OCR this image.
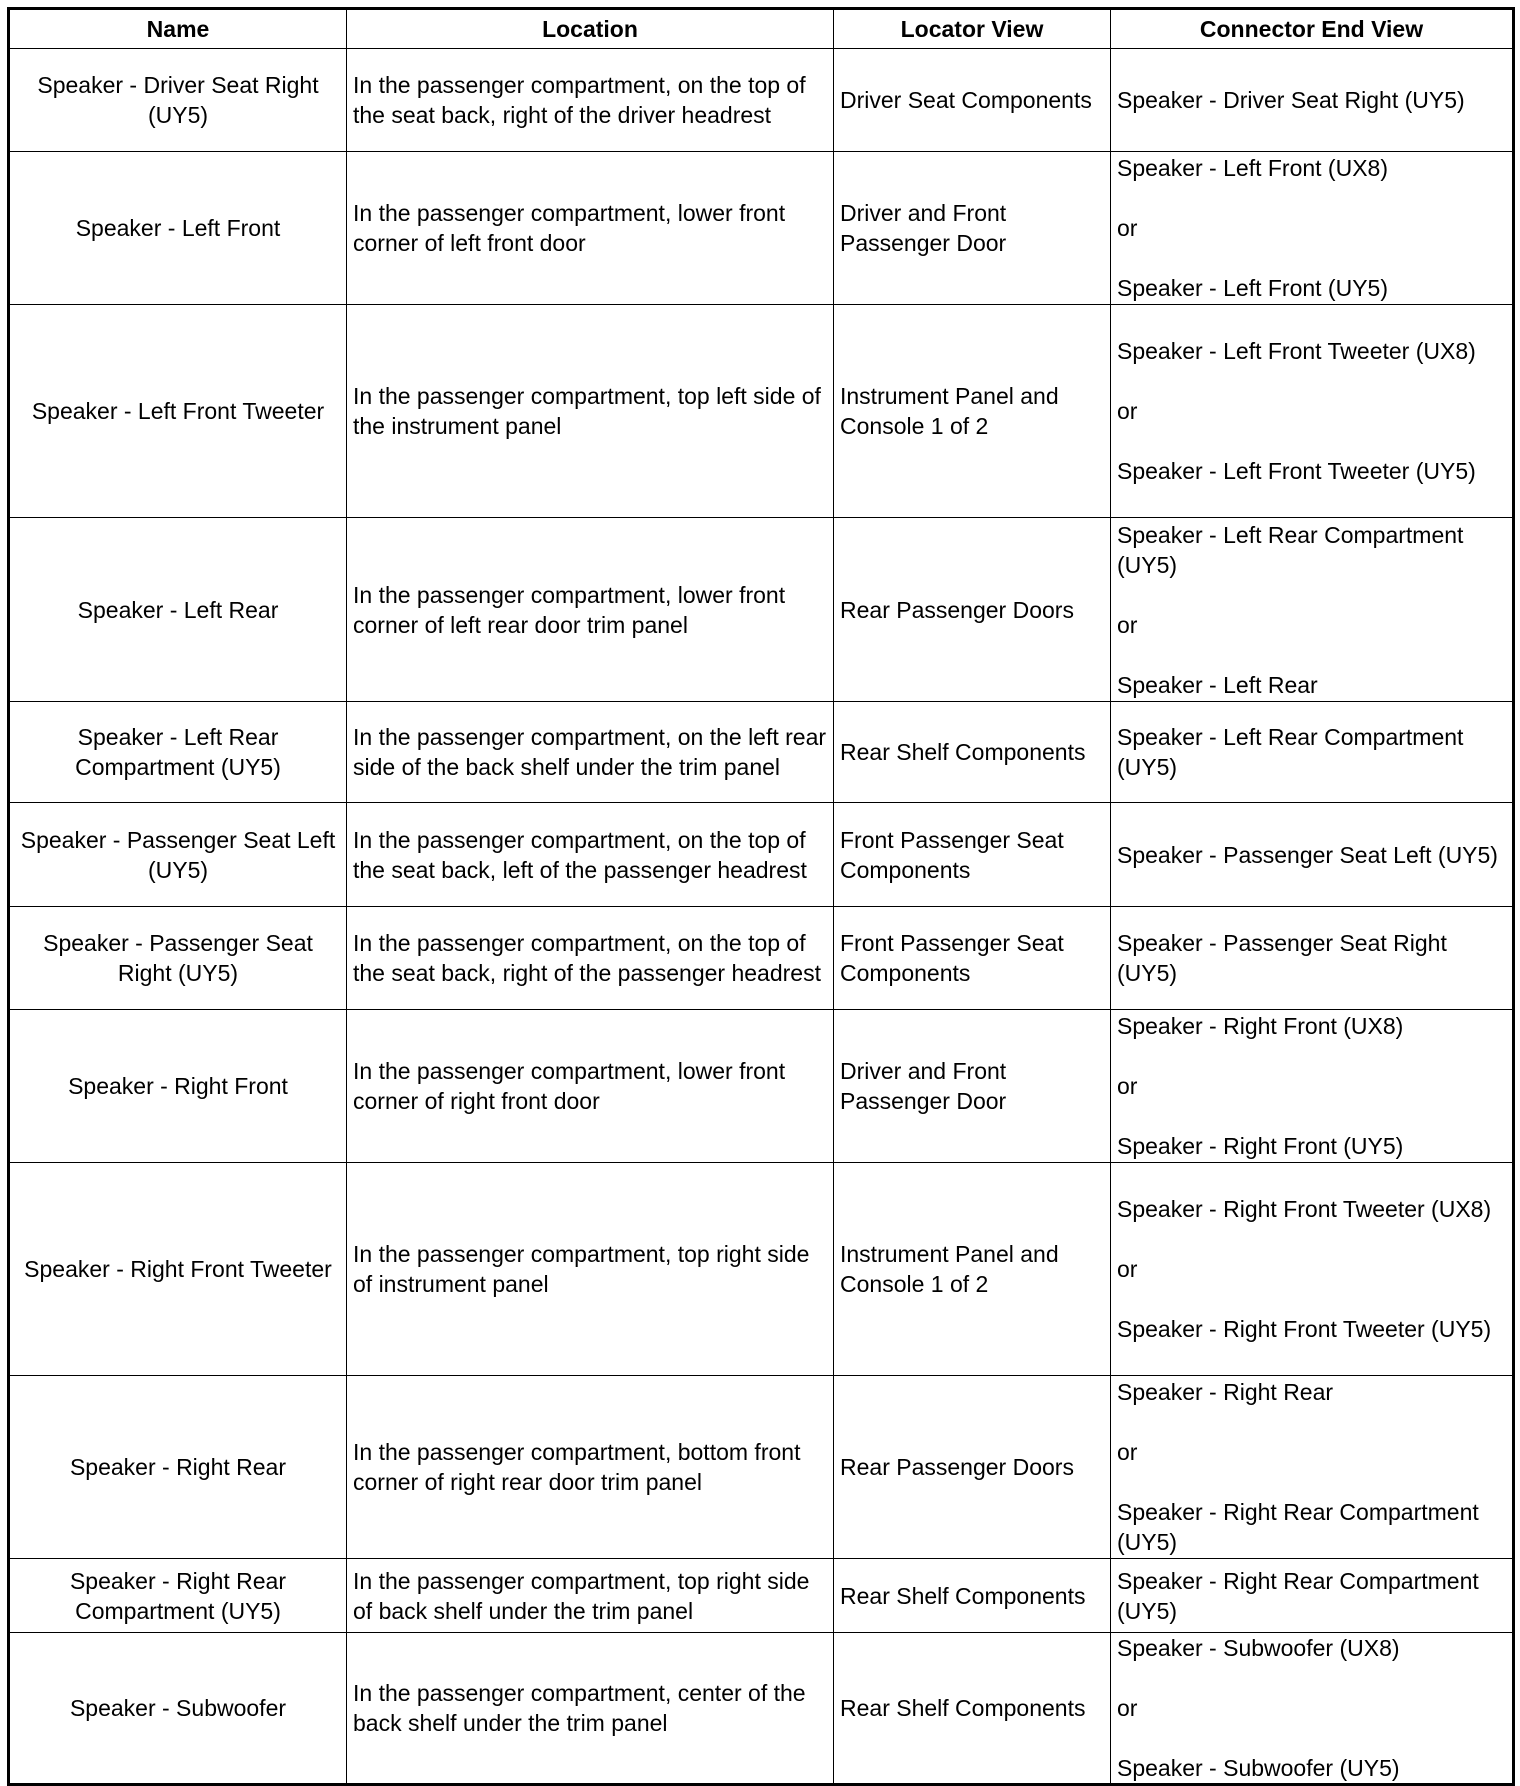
Name	Location	Locator View	Connector End View
Speaker - Driver Seat Right (UY5)	In the passenger compartment, on the top of the seat back, right of the driver headrest	Driver Seat Components	Speaker - Driver Seat Right (UY5)
Speaker - Left Front	In the passenger compartment, lower front corner of left front door	Driver and Front Passenger Door	Speaker - Left Front (UX8)

or

Speaker - Left Front (UY5)
Speaker - Left Front Tweeter	In the passenger compartment, top left side of the instrument panel	Instrument Panel and Console 1 of 2	Speaker - Left Front Tweeter (UX8)

or

Speaker - Left Front Tweeter (UY5)
Speaker - Left Rear	In the passenger compartment, lower front corner of left rear door trim panel	Rear Passenger Doors	Speaker - Left Rear Compartment (UY5)

or

Speaker - Left Rear
Speaker - Left Rear Compartment (UY5)	In the passenger compartment, on the left rear side of the back shelf under the trim panel	Rear Shelf Components	Speaker - Left Rear Compartment (UY5)
Speaker - Passenger Seat Left (UY5)	In the passenger compartment, on the top of the seat back, left of the passenger headrest	Front Passenger Seat Components	Speaker - Passenger Seat Left (UY5)
Speaker - Passenger Seat Right (UY5)	In the passenger compartment, on the top of the seat back, right of the passenger headrest	Front Passenger Seat Components	Speaker - Passenger Seat Right (UY5)
Speaker - Right Front	In the passenger compartment, lower front corner of right front door	Driver and Front Passenger Door	Speaker - Right Front (UX8)

or

Speaker - Right Front (UY5)
Speaker - Right Front Tweeter	In the passenger compartment, top right side of instrument panel	Instrument Panel and Console 1 of 2	Speaker - Right Front Tweeter (UX8)

or

Speaker - Right Front Tweeter (UY5)
Speaker - Right Rear	In the passenger compartment, bottom front corner of right rear door trim panel	Rear Passenger Doors	Speaker - Right Rear

or

Speaker - Right Rear Compartment (UY5)
Speaker - Right Rear Compartment (UY5)	In the passenger compartment, top right side of back shelf under the trim panel	Rear Shelf Components	Speaker - Right Rear Compartment (UY5)
Speaker - Subwoofer	In the passenger compartment, center of the back shelf under the trim panel	Rear Shelf Components	Speaker - Subwoofer (UX8)

or

Speaker - Subwoofer (UY5)
